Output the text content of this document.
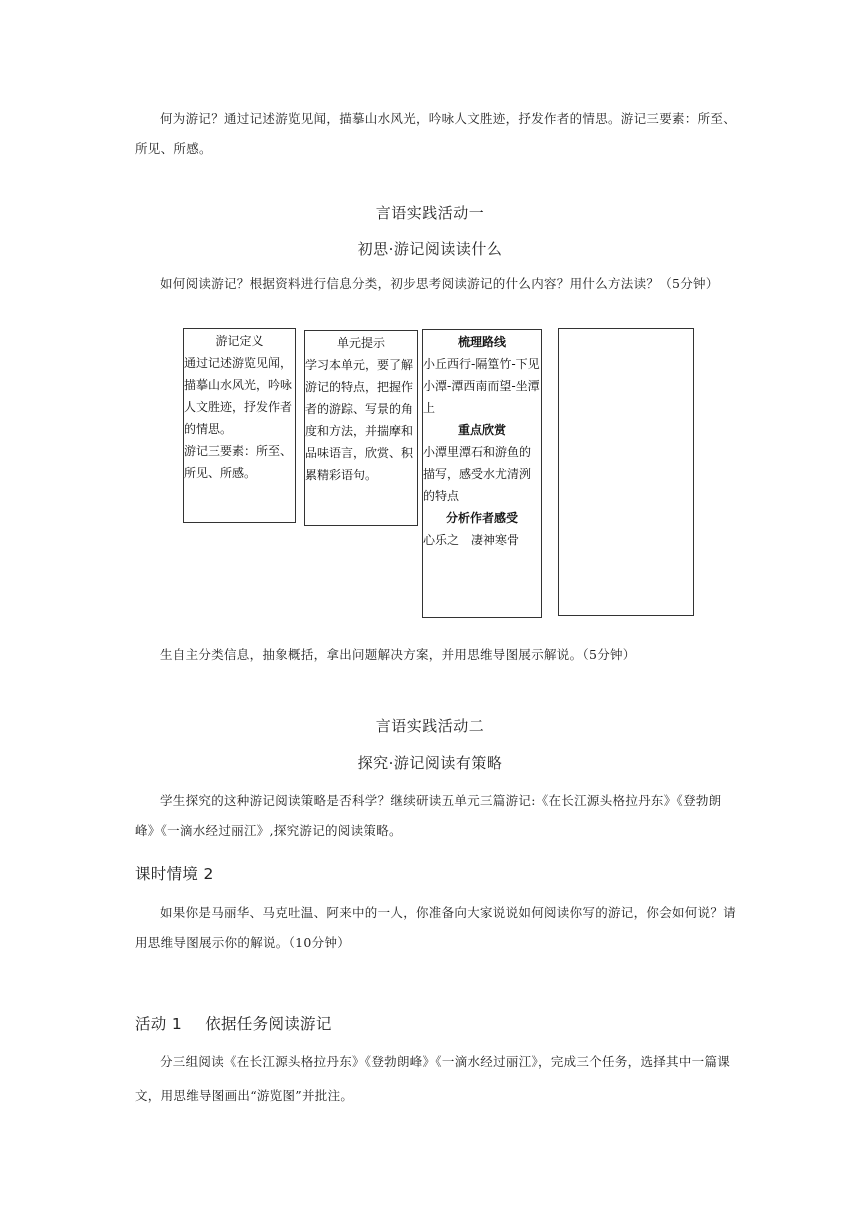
何为游记？通过记述游览见闻，描摹山水风光，吟咏人文胜迹，抒发作者的情思。游记三要素：所至、所见、所感。
言语实践活动一
初思·游记阅读读什么
如何阅读游记？根据资料进行信息分类，初步思考阅读游记的什么内容？用什么方法读？（5分钟）
游记定义
通过记述游览见闻，描摹山水风光，吟咏人文胜迹，抒发作者的情思。
游记三要素：所至、所见、所感。
单元提示
学习本单元，要了解游记的特点，把握作者的游踪、写景的角度和方法，并揣摩和品味语言，欣赏、积累精彩语句。
梳理路线
小丘西行-隔篁竹-下见小潭-潭西南而望-坐潭上
重点欣赏
小潭里潭石和游鱼的描写，感受水尤清洌的特点
分析作者感受
心乐之　凄神寒骨
生自主分类信息，抽象概括，拿出问题解决方案，并用思维导图展示解说。（5分钟）
言语实践活动二
探究·游记阅读有策略
学生探究的这种游记阅读策略是否科学？继续研读五单元三篇游记:《在长江源头格拉丹东》《登勃朗峰》《一滴水经过丽江》,探究游记的阅读策略。
课时情境 2
如果你是马丽华、马克吐温、阿来中的一人，你准备向大家说说如何阅读你写的游记，你会如何说？请用思维导图展示你的解说。（10分钟）
活动 1 依据任务阅读游记
分三组阅读《在长江源头格拉丹东》《登勃朗峰》《一滴水经过丽江》，完成三个任务，选择其中一篇课文，用思维导图画出“游览图”并批注。
